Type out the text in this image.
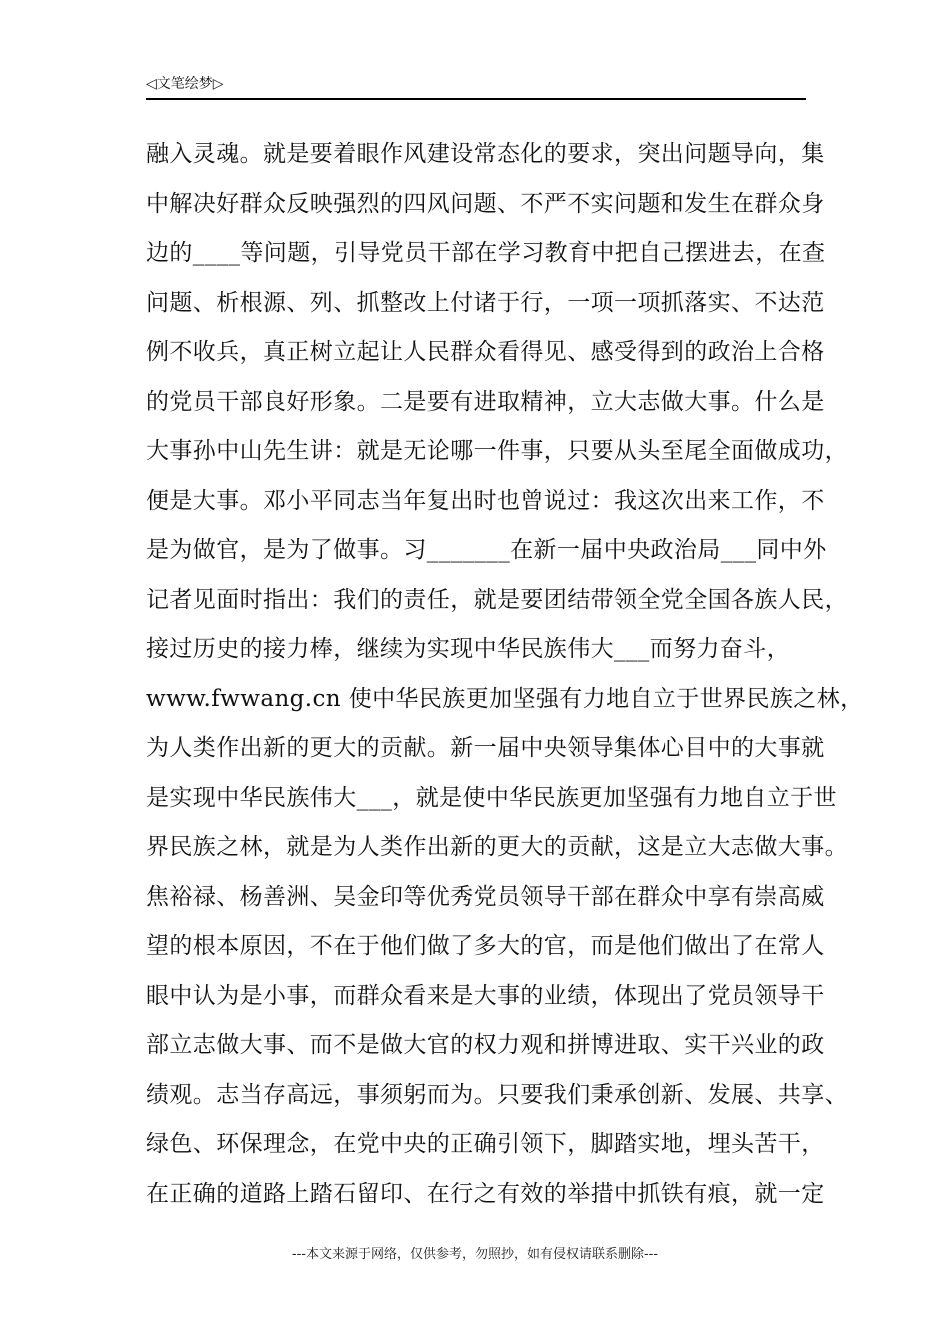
◁文笔绘梦▷
融入灵魂。就是要着眼作风建设常态化的要求，突出问题导向，集
中解决好群众反映强烈的四风问题、不严不实问题和发生在群众身
边的____等问题，引导党员干部在学习教育中把自己摆进去，在查
问题、析根源、列、抓整改上付诸于行，一项一项抓落实、不达范
例不收兵，真正树立起让人民群众看得见、感受得到的政治上合格
的党员干部良好形象。二是要有进取精神，立大志做大事。什么是
大事孙中山先生讲：就是无论哪一件事，只要从头至尾全面做成功，
便是大事。邓小平同志当年复出时也曾说过：我这次出来工作，不
是为做官，是为了做事。习_______在新一届中央政治局___同中外
记者见面时指出：我们的责任，就是要团结带领全党全国各族人民，
接过历史的接力棒，继续为实现中华民族伟大___而努力奋斗，
www.fwwang.cn 使中华民族更加坚强有力地自立于世界民族之林，
为人类作出新的更大的贡献。新一届中央领导集体心目中的大事就
是实现中华民族伟大___，就是使中华民族更加坚强有力地自立于世
界民族之林，就是为人类作出新的更大的贡献，这是立大志做大事。
焦裕禄、杨善洲、吴金印等优秀党员领导干部在群众中享有崇高威
望的根本原因，不在于他们做了多大的官，而是他们做出了在常人
眼中认为是小事，而群众看来是大事的业绩，体现出了党员领导干
部立志做大事、而不是做大官的权力观和拼博进取、实干兴业的政
绩观。志当存高远，事须躬而为。只要我们秉承创新、发展、共享、
绿色、环保理念，在党中央的正确引领下，脚踏实地，埋头苦干，
在正确的道路上踏石留印、在行之有效的举措中抓铁有痕，就一定
---本文来源于网络，仅供参考，勿照抄，如有侵权请联系删除---
